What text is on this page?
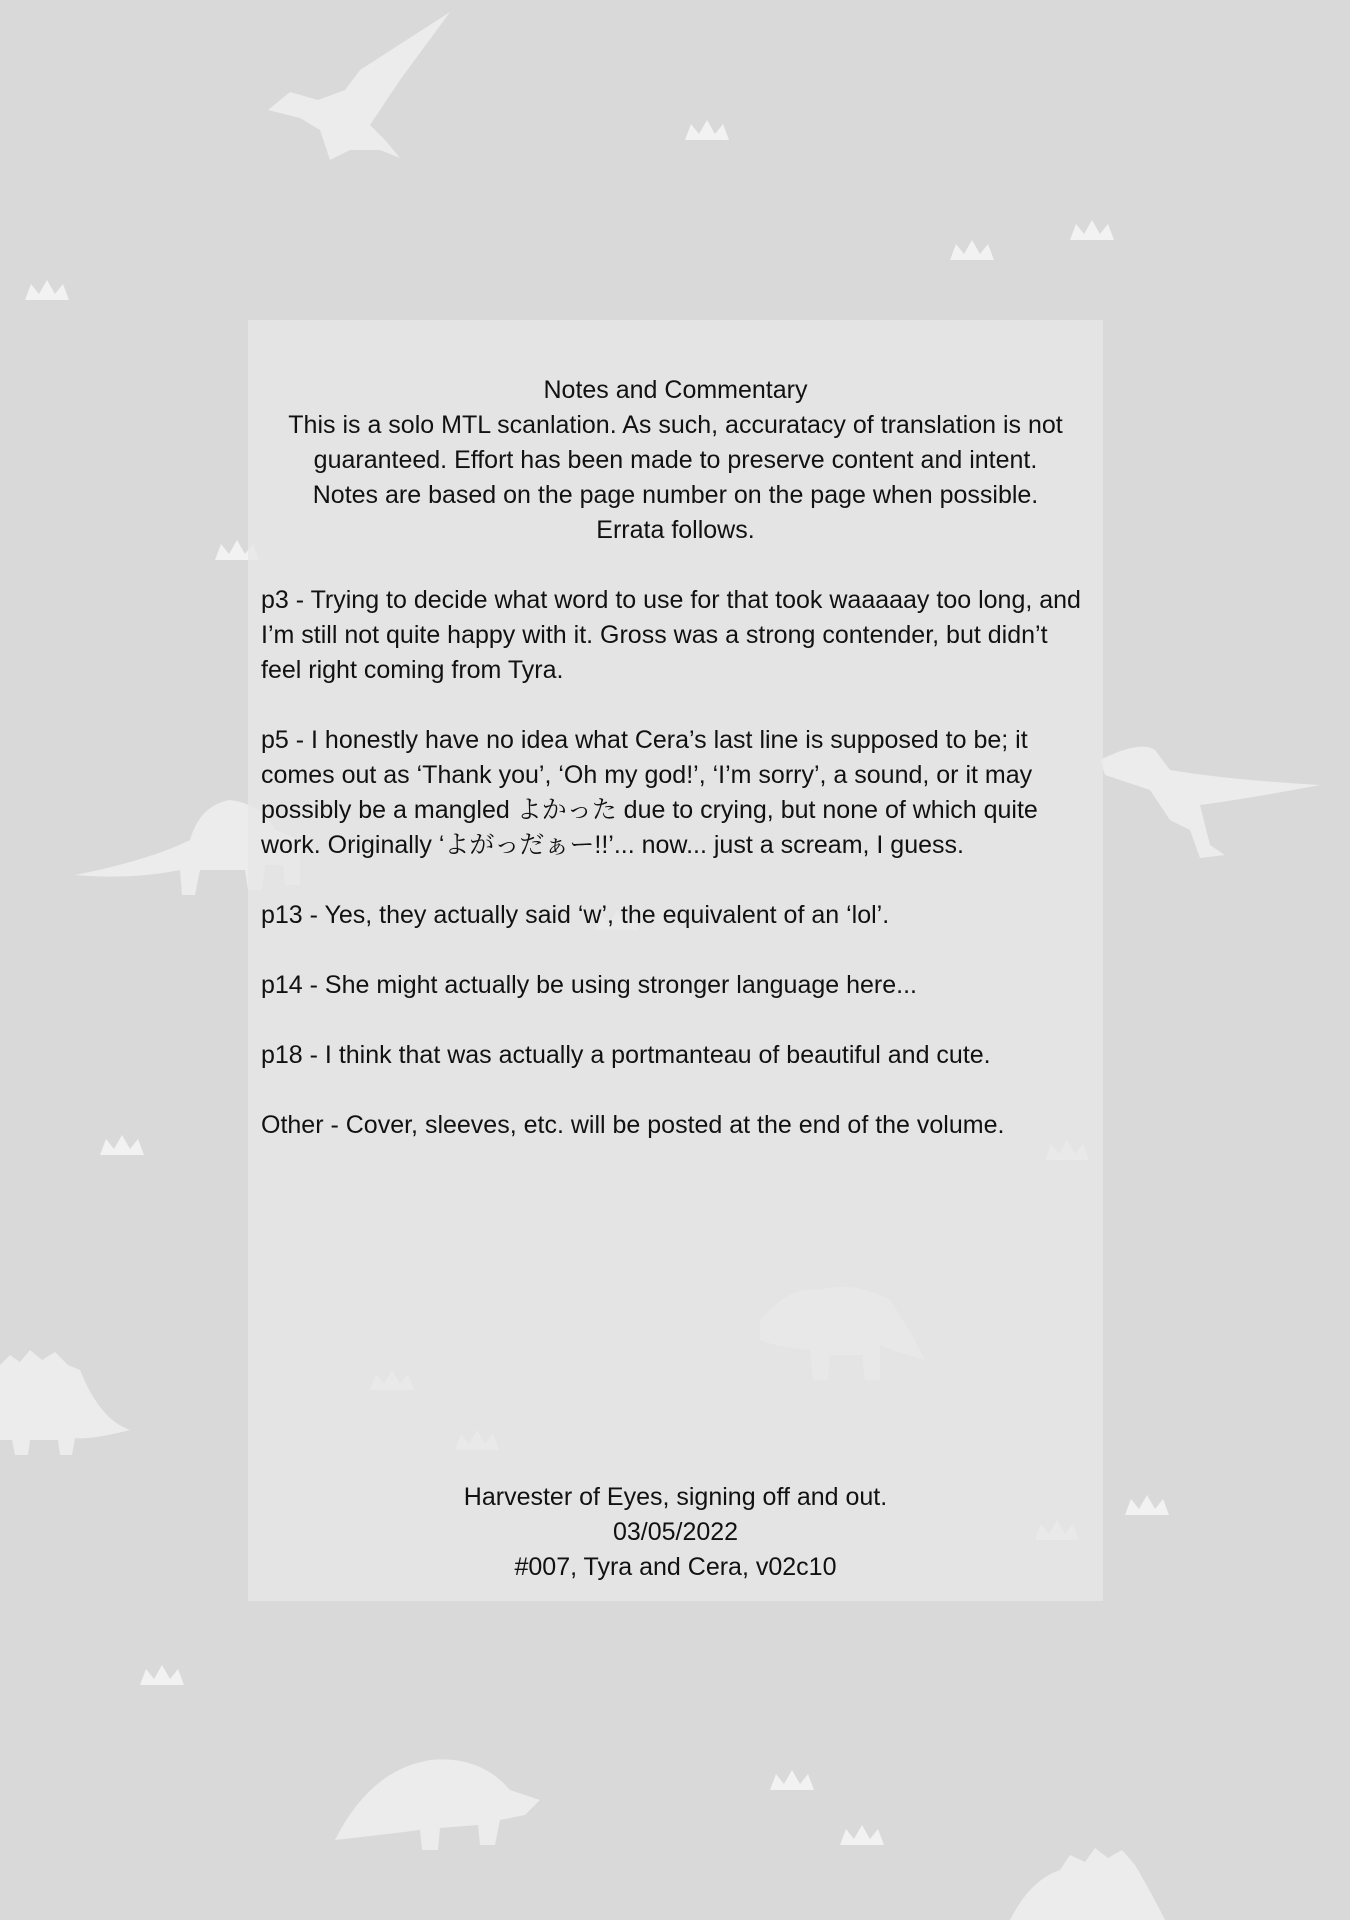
Notes and Commentary

This is a solo MTL scanlation. As such, accuratacy of translation is not

guaranteed. Effort has been made to preserve content and intent.

Notes are based on the page number on the page when possible.

Errata follows.

p3 - Trying to decide what word to use for that took waaaaay too long, and I’m still not quite happy with it. Gross was a strong contender, but didn’t feel right coming from Tyra.

p5 - I honestly have no idea what Cera’s last line is supposed to be; it comes out as ‘Thank you’, ‘Oh my god!’, ‘I’m sorry’, a sound, or it may possibly be a mangled よかった due to crying, but none of which quite work. Originally ‘よがっだぁー!!’... now... just a scream, I guess.

p13 - Yes, they actually said ‘w’, the equivalent of an ‘lol’.

p14 - She might actually be using stronger language here...

p18 - I think that was actually a portmanteau of beautiful and cute.

Other - Cover, sleeves, etc. will be posted at the end of the volume.

Harvester of Eyes, signing off and out.

03/05/2022

#007, Tyra and Cera, v02c10
